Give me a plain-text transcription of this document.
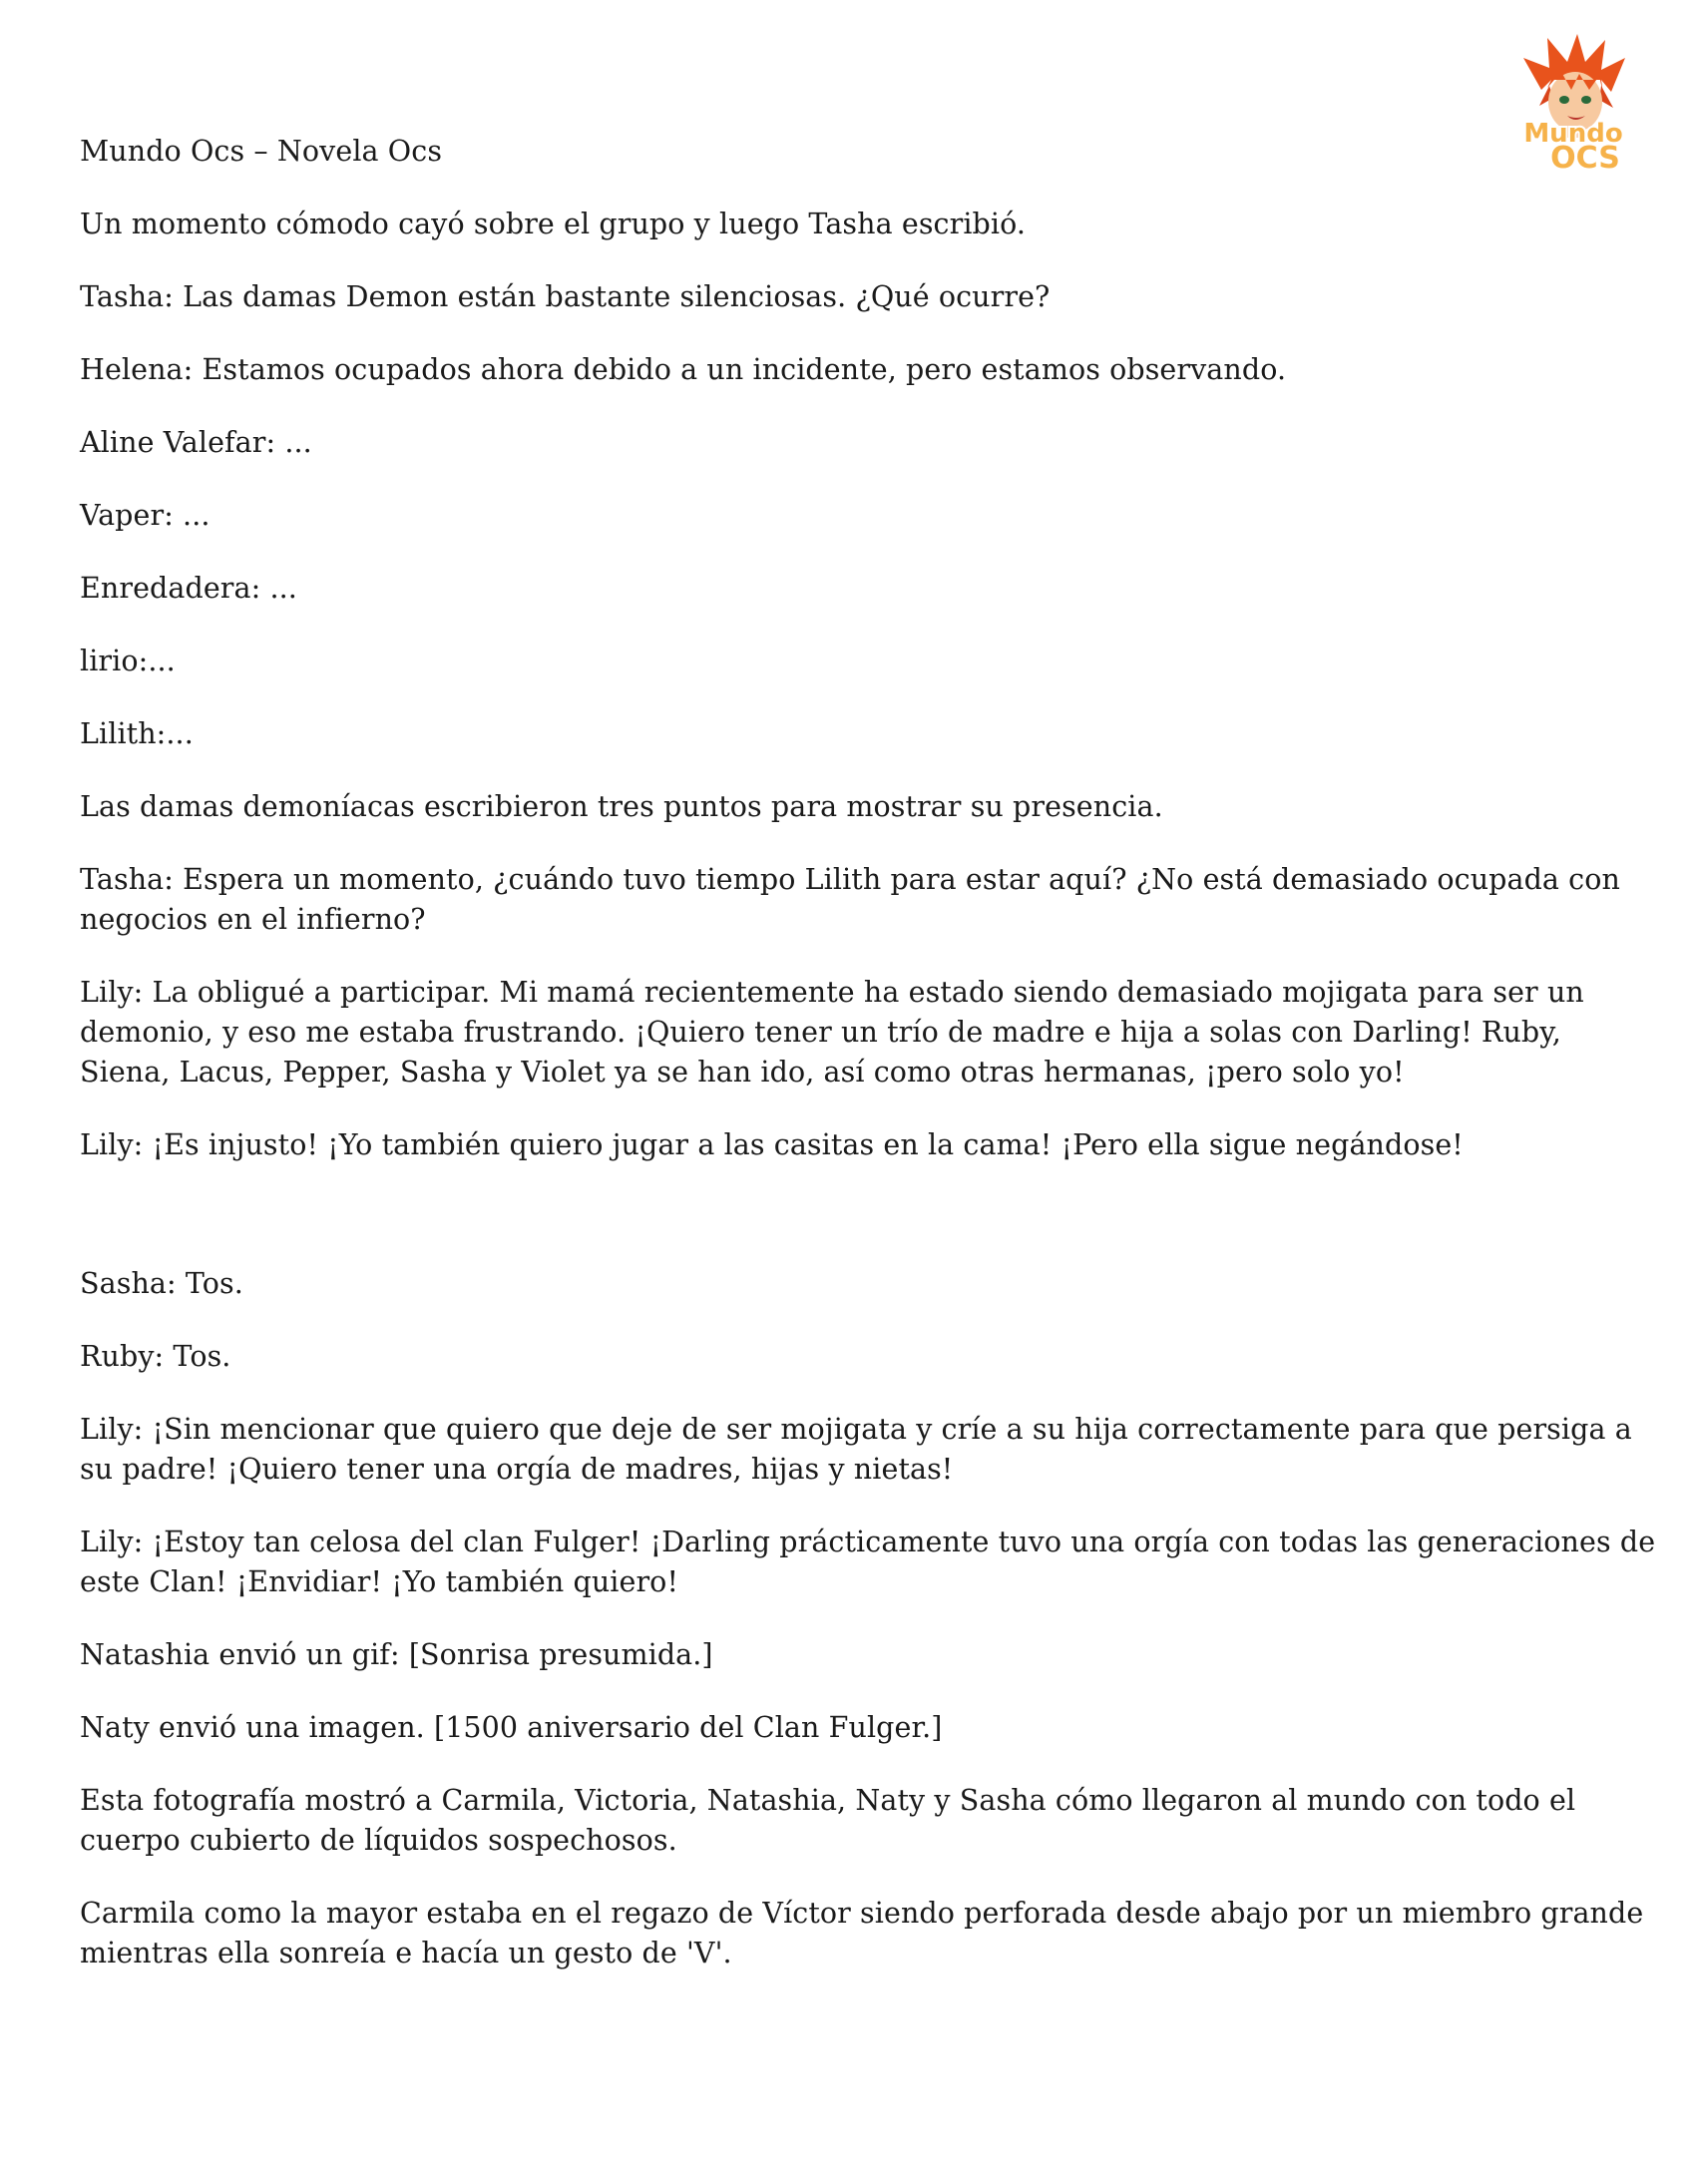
Mundo
OCS

Mundo Ocs – Novela Ocs

Un momento cómodo cayó sobre el grupo y luego Tasha escribió.

Tasha: Las damas Demon están bastante silenciosas. ¿Qué ocurre?

Helena: Estamos ocupados ahora debido a un incidente, pero estamos observando.

Aline Valefar: ...

Vaper: ...

Enredadera: ...

lirio:...

Lilith:...

Las damas demoníacas escribieron tres puntos para mostrar su presencia.

Tasha: Espera un momento, ¿cuándo tuvo tiempo Lilith para estar aquí? ¿No está demasiado ocupada con negocios en el infierno?

Lily: La obligué a participar. Mi mamá recientemente ha estado siendo demasiado mojigata para ser un demonio, y eso me estaba frustrando. ¡Quiero tener un trío de madre e hija a solas con Darling! Ruby, Siena, Lacus, Pepper, Sasha y Violet ya se han ido, así como otras hermanas, ¡pero solo yo!

Lily: ¡Es injusto! ¡Yo también quiero jugar a las casitas en la cama! ¡Pero ella sigue negándose!

Sasha: Tos.

Ruby: Tos.

Lily: ¡Sin mencionar que quiero que deje de ser mojigata y críe a su hija correctamente para que persiga a su padre! ¡Quiero tener una orgía de madres, hijas y nietas!

Lily: ¡Estoy tan celosa del clan Fulger! ¡Darling prácticamente tuvo una orgía con todas las generaciones de este Clan! ¡Envidiar! ¡Yo también quiero!

Natashia envió un gif: [Sonrisa presumida.]

Naty envió una imagen. [1500 aniversario del Clan Fulger.]

Esta fotografía mostró a Carmila, Victoria, Natashia, Naty y Sasha cómo llegaron al mundo con todo el cuerpo cubierto de líquidos sospechosos.

Carmila como la mayor estaba en el regazo de Víctor siendo perforada desde abajo por un miembro grande mientras ella sonreía e hacía un gesto de 'V'.
